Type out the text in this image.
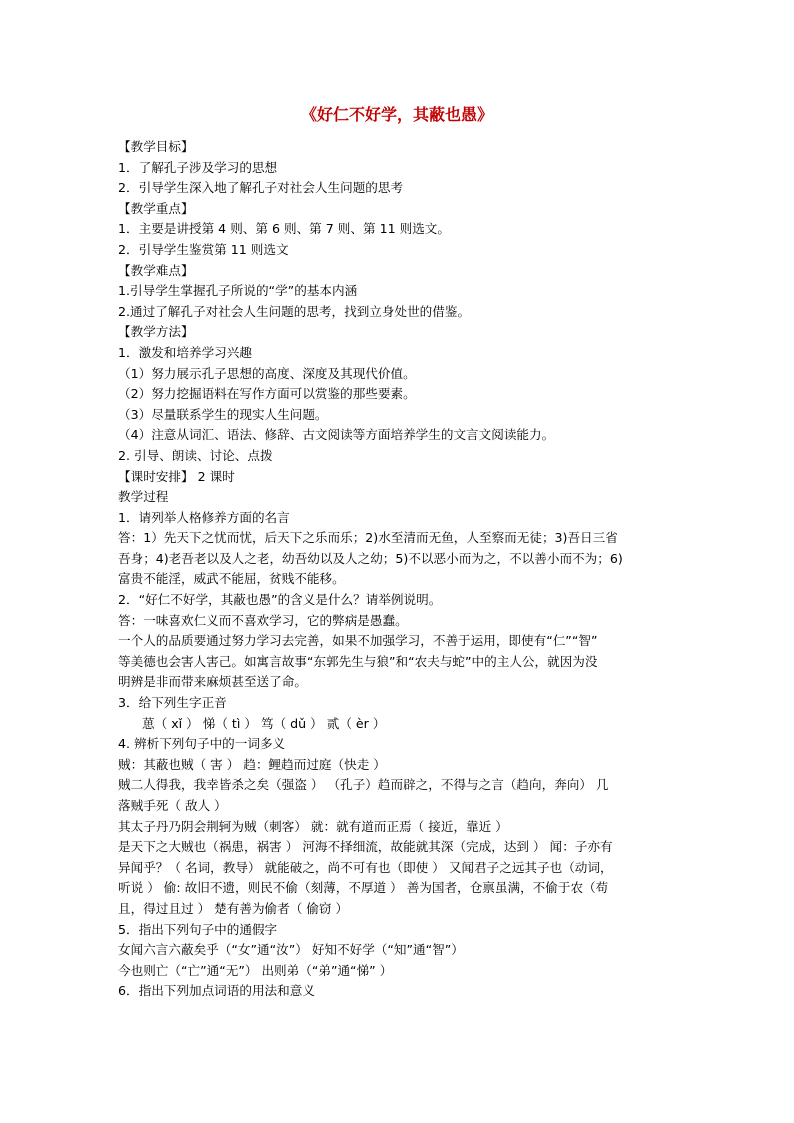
《好仁不好学，其蔽也愚》
【教学目标】
1．了解孔子涉及学习的思想
2．引导学生深入地了解孔子对社会人生问题的思考
【教学重点】
1．主要是讲授第 4 则、第 6 则、第 7 则、第 11 则选文。
2．引导学生鉴赏第 11 则选文
【教学难点】
1.引导学生掌握孔子所说的“学”的基本内涵
2.通过了解孔子对社会人生问题的思考，找到立身处世的借鉴。
【教学方法】
1．激发和培养学习兴趣
（1）努力展示孔子思想的高度、深度及其现代价值。
（2）努力挖掘语料在写作方面可以赏鉴的那些要素。
（3）尽量联系学生的现实人生问题。
（4）注意从词汇、语法、修辞、古文阅读等方面培养学生的文言文阅读能力。
2. 引导、朗读、讨论、点拨
【课时安排】 2 课时
教学过程
1．请列举人格修养方面的名言
答：1）先天下之忧而忧，后天下之乐而乐；2)水至清而无鱼，人至察而无徒；3)吾日三省
吾身；4)老吾老以及人之老，幼吾幼以及人之幼；5)不以恶小而为之，不以善小而不为；6)
富贵不能淫，威武不能屈，贫贱不能移。
2．“好仁不好学，其蔽也愚”的含义是什么？请举例说明。
答：一味喜欢仁义而不喜欢学习，它的弊病是愚蠢。
一个人的品质要通过努力学习去完善，如果不加强学习，不善于运用，即使有“仁”“智”
等美德也会害人害己。如寓言故事“东郭先生与狼”和“农夫与蛇”中的主人公，就因为没
明辨是非而带来麻烦甚至送了命。
3．给下列生字正音
葸（ xǐ ） 悌（ tì ） 笃（ dǔ ） 贰（ èr ）
4. 辨析下列句子中的一词多义
贼：其蔽也贼（ 害 ） 趋：鲤趋而过庭（快走 ）
贼二人得我，我幸皆杀之矣（强盗 ） （孔子）趋而辟之，不得与之言（趋向，奔向） 几
落贼手死（ 敌人 ）
其太子丹乃阴会荆轲为贼（刺客） 就：就有道而正焉（ 接近，靠近 ）
是天下之大贼也（祸患，祸害 ） 河海不择细流，故能就其深（完成，达到 ） 闻：子亦有
异闻乎？（ 名词，教导） 就能破之，尚不可有也（即使 ） 又闻君子之远其子也（动词，
听说 ） 偷: 故旧不遗，则民不偷（刻薄，不厚道 ） 善为国者，仓禀虽满，不偷于农（苟
且，得过且过 ） 楚有善为偷者（ 偷窃 ）
5．指出下列句子中的通假字
女闻六言六蔽矣乎（“女”通“汝”） 好知不好学（“知”通“智”）
今也则亡（“亡”通“无”） 出则弟（“弟”通“悌” ）
6．指出下列加点词语的用法和意义
